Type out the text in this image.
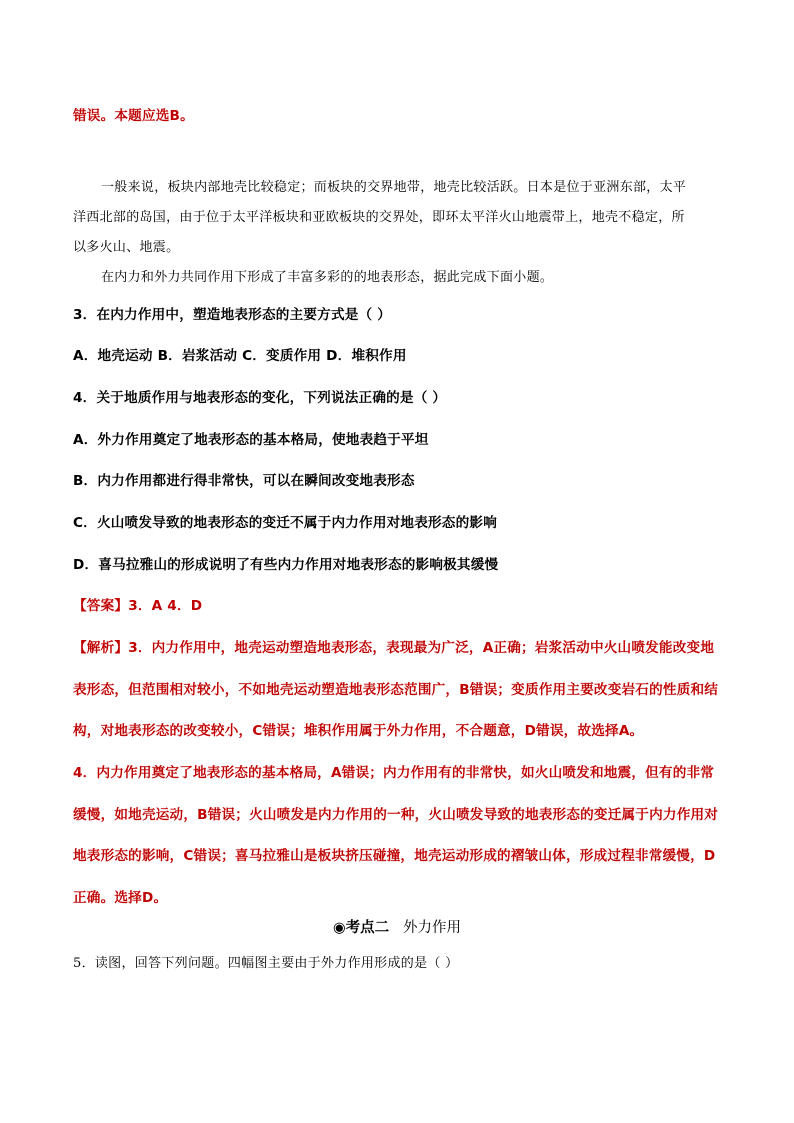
错误。本题应选B。
一般来说，板块内部地壳比较稳定；而板块的交界地带，地壳比较活跃。日本是位于亚洲东部，太平
洋西北部的岛国，由于位于太平洋板块和亚欧板块的交界处，即环太平洋火山地震带上，地壳不稳定，所
以多火山、地震。
在内力和外力共同作用下形成了丰富多彩的的地表形态，据此完成下面小题。
3．在内力作用中，塑造地表形态的主要方式是（ ）
A．地壳运动 B．岩浆活动 C．变质作用 D．堆积作用
4．关于地质作用与地表形态的变化，下列说法正确的是（ ）
A．外力作用奠定了地表形态的基本格局，使地表趋于平坦
B．内力作用都进行得非常快，可以在瞬间改变地表形态
C．火山喷发导致的地表形态的变迁不属于内力作用对地表形态的影响
D．喜马拉雅山的形成说明了有些内力作用对地表形态的影响极其缓慢
【答案】3．A 4．D
【解析】3．内力作用中，地壳运动塑造地表形态，表现最为广泛，A正确；岩浆活动中火山喷发能改变地
表形态，但范围相对较小，不如地壳运动塑造地表形态范围广，B错误；变质作用主要改变岩石的性质和结
构，对地表形态的改变较小，C错误；堆积作用属于外力作用，不合题意，D错误，故选择A。
4．内力作用奠定了地表形态的基本格局，A错误；内力作用有的非常快，如火山喷发和地震，但有的非常
缓慢，如地壳运动，B错误；火山喷发是内力作用的一种，火山喷发导致的地表形态的变迁属于内力作用对
地表形态的影响，C错误；喜马拉雅山是板块挤压碰撞，地壳运动形成的褶皱山体，形成过程非常缓慢，D
正确。选择D。
◉考点二 外力作用
5．读图，回答下列问题。四幅图主要由于外力作用形成的是（ ）
